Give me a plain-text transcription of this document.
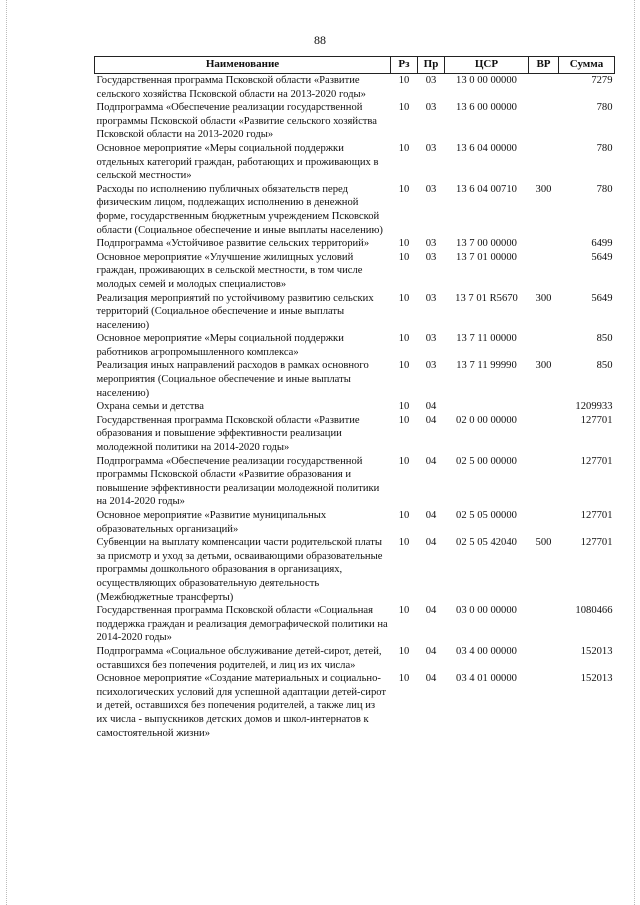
88
Наименование	Рз	Пр	ЦСР	ВР	Сумма
Государственная программа Псковской области «Развитие сельского хозяйства Псковской области на 2013-2020 годы»	10	03	13 0 00 00000		7279
Подпрограмма «Обеспечение реализации государственной программы Псковской области «Развитие сельского хозяйства Псковской области на 2013-2020 годы»	10	03	13 6 00 00000		780
Основное мероприятие «Меры социальной поддержки отдельных категорий граждан, работающих и проживающих в сельской местности»	10	03	13 6 04 00000		780
Расходы по исполнению публичных обязательств перед физическим лицом, подлежащих исполнению в денежной форме, государственным бюджетным учреждением Псковской области (Социальное обеспечение и иные выплаты населению)	10	03	13 6 04 00710	300	780
Подпрограмма «Устойчивое развитие сельских территорий»	10	03	13 7 00 00000		6499
Основное мероприятие «Улучшение жилищных условий граждан, проживающих в сельской местности, в том числе молодых семей и молодых специалистов»	10	03	13 7 01 00000		5649
Реализация мероприятий по устойчивому развитию сельских территорий (Социальное обеспечение и иные выплаты населению)	10	03	13 7 01 R5670	300	5649
Основное мероприятие «Меры социальной поддержки работников агропромышленного комплекса»	10	03	13 7 11 00000		850
Реализация иных направлений расходов в рамках основного мероприятия (Социальное обеспечение и иные выплаты населению)	10	03	13 7 11 99990	300	850
Охрана семьи и детства	10	04			1209933
Государственная программа Псковской области «Развитие образования и повышение эффективности реализации молодежной политики на 2014-2020 годы»	10	04	02 0 00 00000		127701
Подпрограмма «Обеспечение реализации государственной программы Псковской области «Развитие образования и повышение эффективности реализации молодежной политики на 2014-2020 годы»	10	04	02 5 00 00000		127701
Основное мероприятие «Развитие муниципальных образовательных организаций»	10	04	02 5 05 00000		127701
Субвенции на выплату компенсации части родительской платы за присмотр и уход за детьми, осваивающими образовательные программы дошкольного образования в организациях, осуществляющих образовательную деятельность (Межбюджетные трансферты)	10	04	02 5 05 42040	500	127701
Государственная программа Псковской области «Социальная поддержка граждан и реализация демографической политики на 2014-2020 годы»	10	04	03 0 00 00000		1080466
Подпрограмма «Социальное обслуживание детей-сирот, детей, оставшихся без попечения родителей, и лиц из их числа»	10	04	03 4 00 00000		152013
Основное мероприятие «Создание материальных и социально-психологических условий для успешной адаптации детей-сирот и детей, оставшихся без попечения родителей, а также лиц из их числа - выпускников детских домов и школ-интернатов к самостоятельной жизни»	10	04	03 4 01 00000		152013
